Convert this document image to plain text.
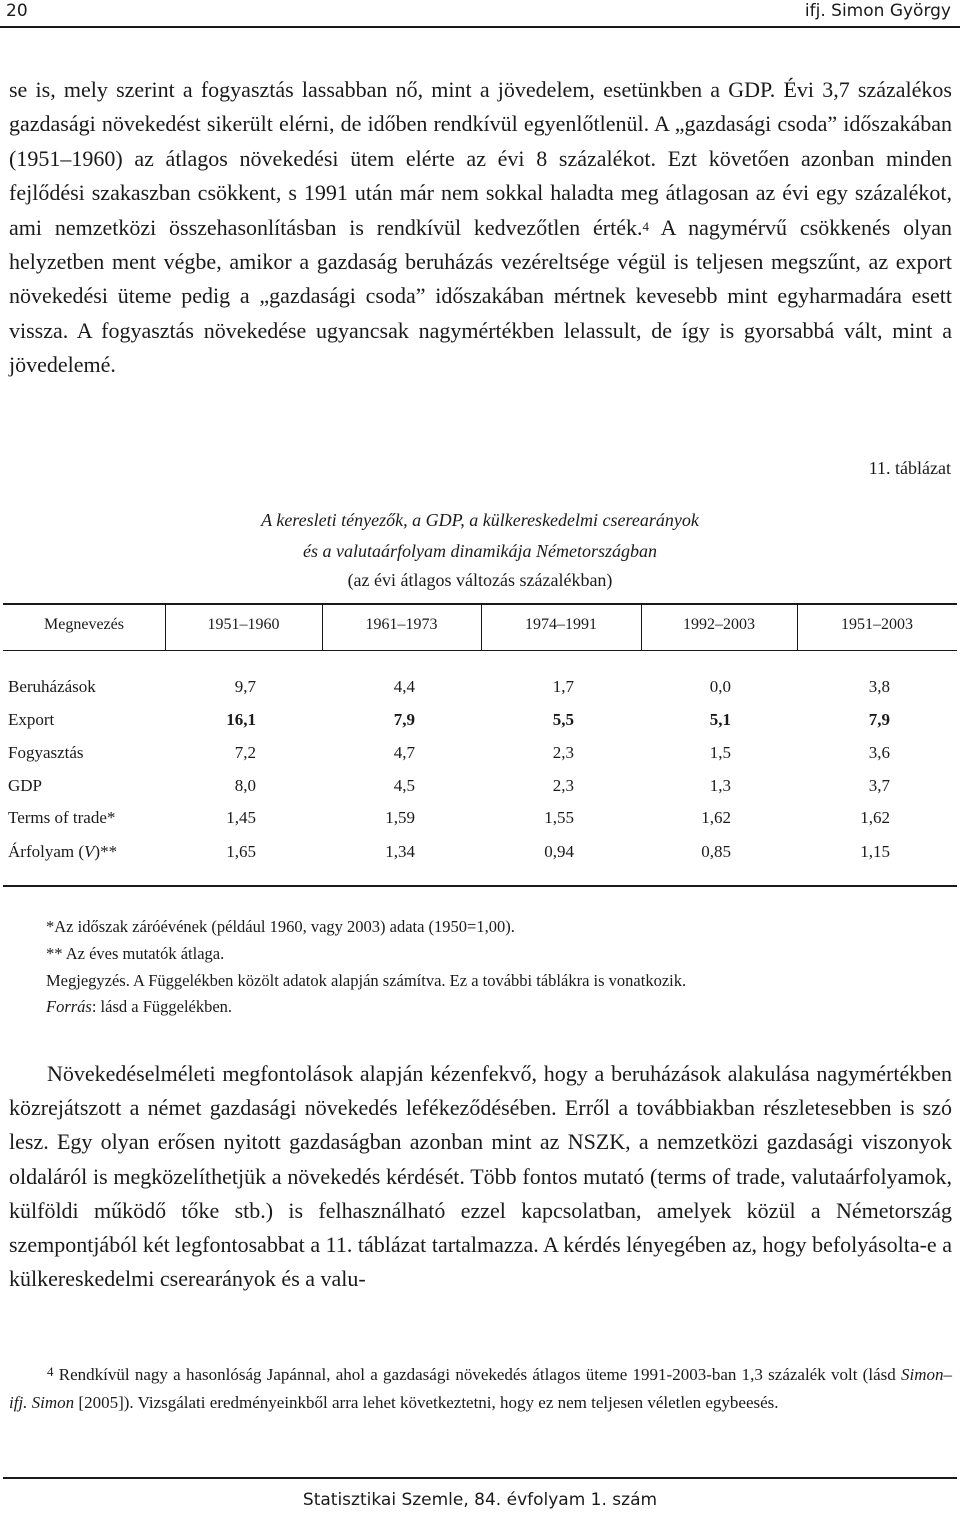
20	ifj. Simon György

se is, mely szerint a fogyasztás lassabban nő, mint a jövedelem, esetünkben a GDP. Évi 3,7 százalékos gazdasági növekedést sikerült elérni, de időben rendkívül egyenlőtlenül. A „gazdasági csoda” időszakában (1951–1960) az átlagos növekedési ütem elérte az évi 8 százalékot. Ezt követően azonban minden fejlődési szakaszban csökkent, s 1991 után már nem sokkal haladta meg átlagosan az évi egy százalékot, ami nemzetközi összehasonlításban is rendkívül kedvezőtlen érték.$^4$ A nagymérvű csökkenés olyan helyzetben ment végbe, amikor a gazdaság beruházás vezéreltsége végül is teljesen megszűnt, az export növekedési üteme pedig a „gazdasági csoda” időszakában mértnek kevesebb mint egyharmadára esett vissza. A fogyasztás növekedése ugyancsak nagymértékben lelassult, de így is gyorsabbá vált, mint a jövedelemé.

11. táblázat
A keresleti tényezők, a GDP, a külkereskedelmi cserearányok
és a valutaárfolyam dinamikája Németországban
(az évi átlagos változás százalékban)
Megnevezés	1951–1960	1961–1973	1974–1991	1992–2003	1951–2003
Beruházások	9,7	4,4	1,7	0,0	3,8
Export	16,1	7,9	5,5	5,1	7,9
Fogyasztás	7,2	4,7	2,3	1,5	3,6
GDP	8,0	4,5	2,3	1,3	3,7
Terms of trade*	1,45	1,59	1,55	1,62	1,62
Árfolyam (V)**	1,65	1,34	0,94	0,85	1,15
*Az időszak záróévének (például 1960, vagy 2003) adata (1950=1,00).
** Az éves mutatók átlaga.
Megjegyzés. A Függelékben közölt adatok alapján számítva. Ez a további táblákra is vonatkozik.
Forrás: lásd a Függelékben.

Növekedéselméleti megfontolások alapján kézenfekvő, hogy a beruházások alakulása nagymértékben közrejátszott a német gazdasági növekedés lefékeződésében. Erről a továbbiakban részletesebben is szó lesz. Egy olyan erősen nyitott gazdaságban azonban mint az NSZK, a nemzetközi gazdasági viszonyok oldaláról is megközelíthetjük a növekedés kérdését. Több fontos mutató (terms of trade, valutaárfolyamok, külföldi működő tőke stb.) is felhasználható ezzel kapcsolatban, amelyek közül a Németország szempontjából két legfontosabbat a 11. táblázat tartalmazza. A kérdés lényegében az, hogy befolyásolta-e a külkereskedelmi cserearányok és a valu-

$^4$ Rendkívül nagy a hasonlóság Japánnal, ahol a gazdasági növekedés átlagos üteme 1991-2003-ban 1,3 százalék volt (lásd Simon–ifj. Simon [2005]). Vizsgálati eredményeinkből arra lehet következtetni, hogy ez nem teljesen véletlen egybeesés.

Statisztikai Szemle, 84. évfolyam 1. szám
